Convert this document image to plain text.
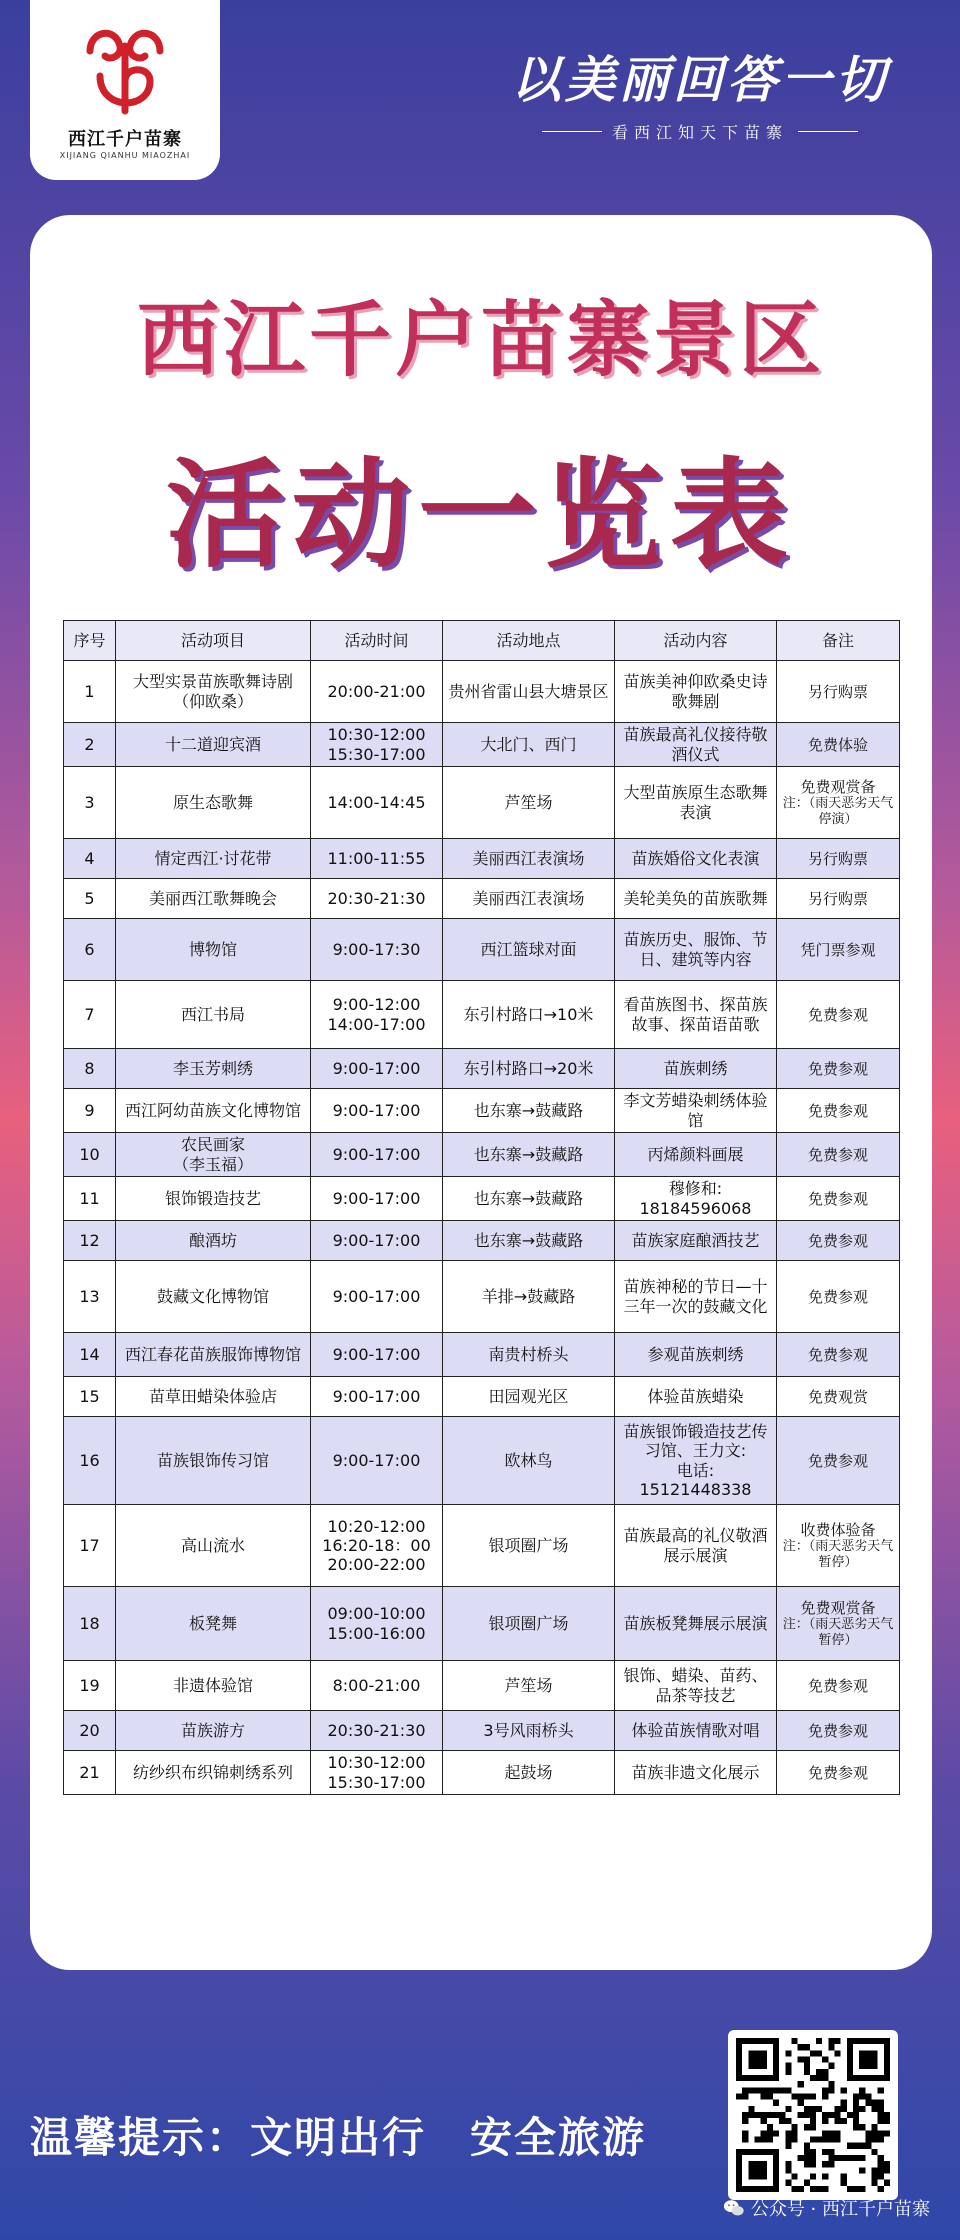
西江千户苗寨
XIJIANG QIANHU MIAOZHAI
以美丽回答一切
看西江知天下苗寨
西江千户苗寨景区
活动一览表
序号	活动项目	活动时间	活动地点	活动内容	备注
1	大型实景苗族歌舞诗剧（仰欧桑）	20:00-21:00	贵州省雷山县大塘景区	苗族美神仰欧桑史诗歌舞剧	另行购票
2	十二道迎宾酒	10:30-12:00
15:30-17:00	大北门、西门	苗族最高礼仪接待敬酒仪式	免费体验
3	原生态歌舞	14:00-14:45	芦笙场	大型苗族原生态歌舞表演	免费观赏备
注：（雨天恶劣天气停演）

4	情定西江·讨花带	11:00-11:55	美丽西江表演场	苗族婚俗文化表演	另行购票
5	美丽西江歌舞晚会	20:30-21:30	美丽西江表演场	美轮美奂的苗族歌舞	另行购票
6	博物馆	9:00-17:30	西江篮球对面	苗族历史、服饰、节日、建筑等内容	凭门票参观
7	西江书局	9:00-12:00
14:00-17:00	东引村路口→10米	看苗族图书、探苗族故事、探苗语苗歌	免费参观
8	李玉芳刺绣	9:00-17:00	东引村路口→20米	苗族刺绣	免费参观
9	西江阿幼苗族文化博物馆	9:00-17:00	也东寨→鼓藏路	李文芳蜡染刺绣体验馆	免费参观
10	农民画家
（李玉福）	9:00-17:00	也东寨→鼓藏路	丙烯颜料画展	免费参观
11	银饰锻造技艺	9:00-17:00	也东寨→鼓藏路	穆修和:
18184596068	免费参观
12	酿酒坊	9:00-17:00	也东寨→鼓藏路	苗族家庭酿酒技艺	免费参观
13	鼓藏文化博物馆	9:00-17:00	羊排→鼓藏路	苗族神秘的节日—十三年一次的鼓藏文化	免费参观
14	西江春花苗族服饰博物馆	9:00-17:00	南贵村桥头	参观苗族刺绣	免费参观
15	苗草田蜡染体验店	9:00-17:00	田园观光区	体验苗族蜡染	免费观赏
16	苗族银饰传习馆	9:00-17:00	欧林鸟	苗族银饰锻造技艺传习馆、王力文:
电话:
15121448338	免费参观
17	高山流水	10:20-12:00
16:20-18：00
20:00-22:00	银项圈广场	苗族最高的礼仪敬酒展示展演	收费体验备
注：（雨天恶劣天气暂停）

18	板凳舞	09:00-10:00
15:00-16:00	银项圈广场	苗族板凳舞展示展演	免费观赏备
注：（雨天恶劣天气暂停）

19	非遗体验馆	8:00-21:00	芦笙场	银饰、蜡染、苗药、品茶等技艺	免费参观
20	苗族游方	20:30-21:30	3号风雨桥头	体验苗族情歌对唱	免费参观
21	纺纱织布织锦刺绣系列	10:30-12:00
15:30-17:00	起鼓场	苗族非遗文化展示	免费参观
温馨提示：文明出行　安全旅游
公众号 · 西江千户苗寨
